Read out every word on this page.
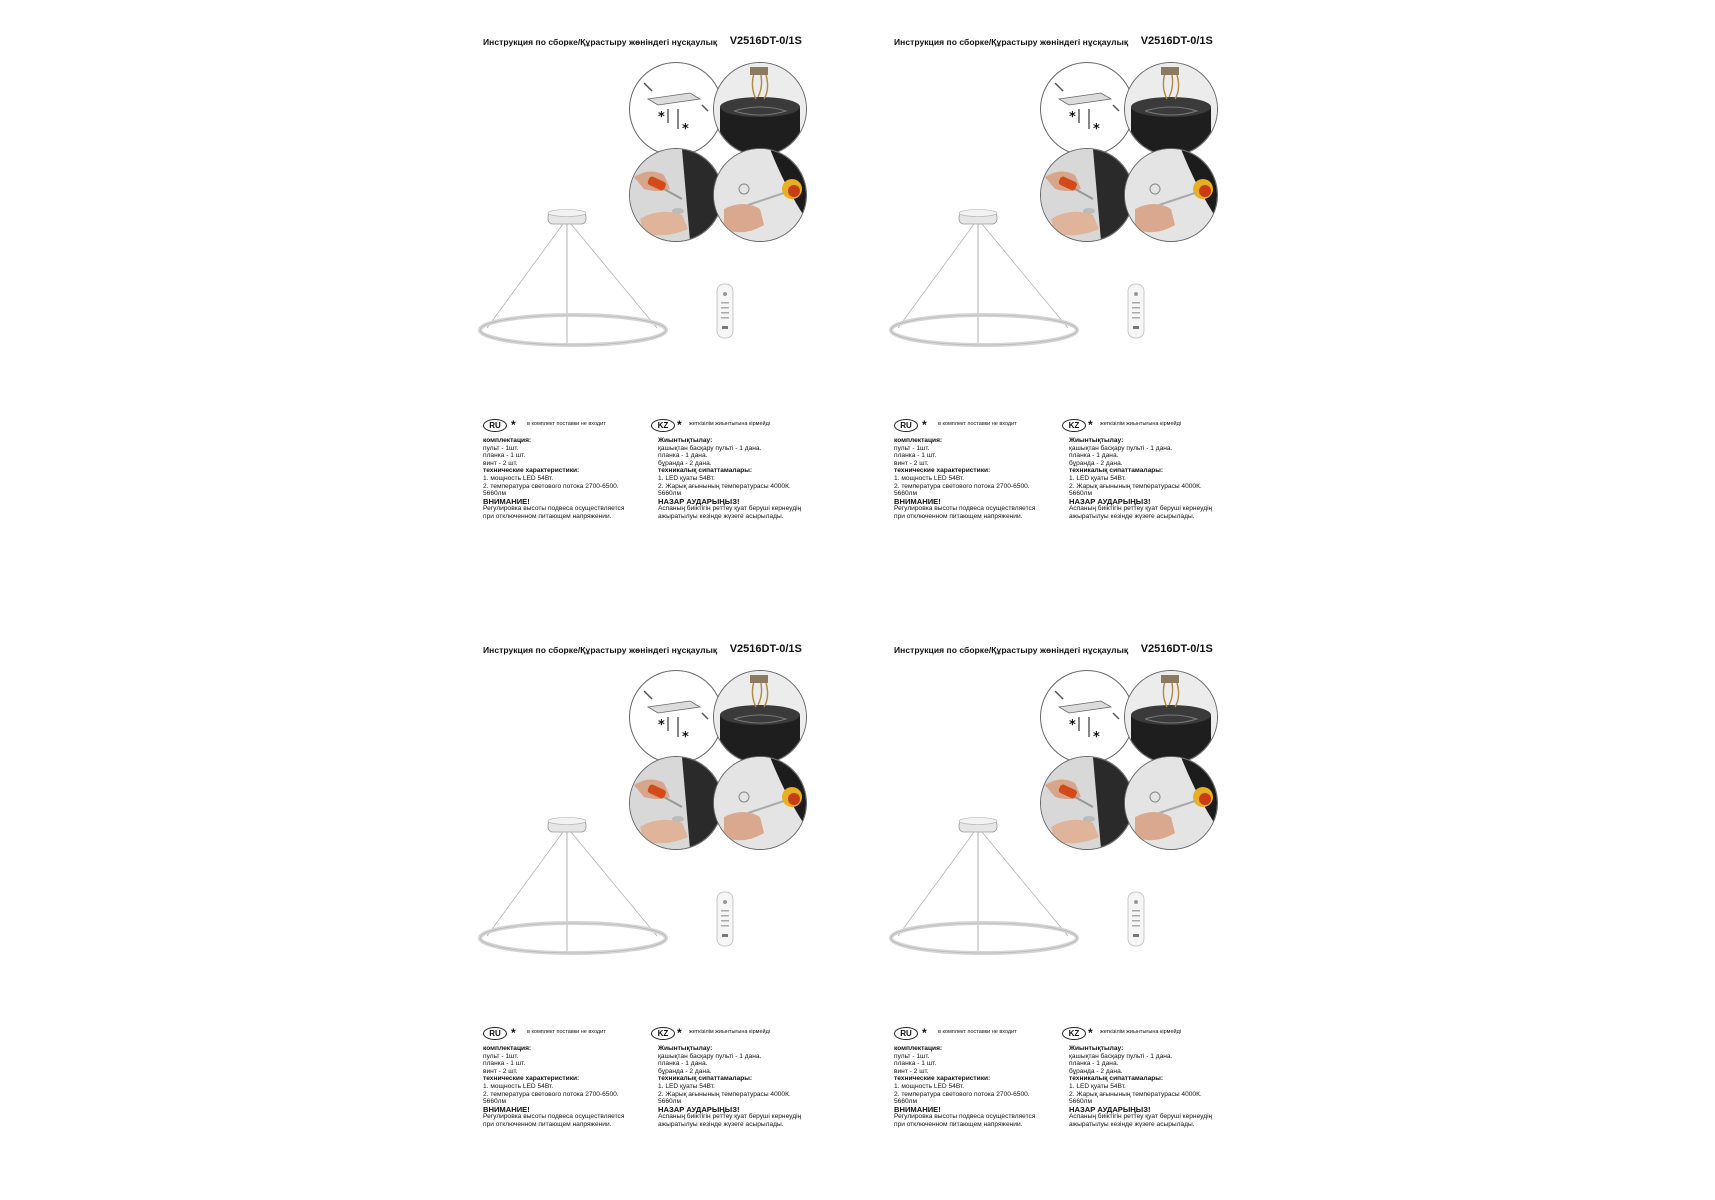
Инструкция по сборке/Құрастыру жөніндегі нұсқаулық V2516DT-0/1S
*
*
RU * в комплект поставки не входит	KZ * жеткізілім жиынтығына кірмейді
комплектация:
пульт - 1шт.
планка - 1 шт.
винт - 2 шт.
технические характеристики:
1. мощность LED 54Вт.
2. температура светового потока 2700-6500.
5660лм
ВНИМАНИЕ!
Регулировка высоты подвеса осуществляется
при отключенном питающем напряжении.
Жиынтықтылау:
қашықтан басқару пульті - 1 дана.
планка - 1 дана.
бұранда - 2 дана.
техникалық сипаттамалары:
1. LED қуаты 54Вт.
2. Жарық ағынының температурасы 4000К.
5660лм
НАЗАР АУДАРЫҢЫЗ!
Аспаның биіктігін реттеу қуат беруші кернеудің
ажыратылуы кезінде жүзеге асырылады.
Инструкция по сборке/Құрастыру жөніндегі нұсқаулық V2516DT-0/1S
*
*
RU * в комплект поставки не входит	KZ * жеткізілім жиынтығына кірмейді
комплектация:
пульт - 1шт.
планка - 1 шт.
винт - 2 шт.
технические характеристики:
1. мощность LED 54Вт.
2. температура светового потока 2700-6500.
5660лм
ВНИМАНИЕ!
Регулировка высоты подвеса осуществляется
при отключенном питающем напряжении.
Жиынтықтылау:
қашықтан басқару пульті - 1 дана.
планка - 1 дана.
бұранда - 2 дана.
техникалық сипаттамалары:
1. LED қуаты 54Вт.
2. Жарық ағынының температурасы 4000К.
5660лм
НАЗАР АУДАРЫҢЫЗ!
Аспаның биіктігін реттеу қуат беруші кернеудің
ажыратылуы кезінде жүзеге асырылады.
Инструкция по сборке/Құрастыру жөніндегі нұсқаулық V2516DT-0/1S
*
*
RU * в комплект поставки не входит	KZ * жеткізілім жиынтығына кірмейді
комплектация:
пульт - 1шт.
планка - 1 шт.
винт - 2 шт.
технические характеристики:
1. мощность LED 54Вт.
2. температура светового потока 2700-6500.
5660лм
ВНИМАНИЕ!
Регулировка высоты подвеса осуществляется
при отключенном питающем напряжении.
Жиынтықтылау:
қашықтан басқару пульті - 1 дана.
планка - 1 дана.
бұранда - 2 дана.
техникалық сипаттамалары:
1. LED қуаты 54Вт.
2. Жарық ағынының температурасы 4000К.
5660лм
НАЗАР АУДАРЫҢЫЗ!
Аспаның биіктігін реттеу қуат беруші кернеудің
ажыратылуы кезінде жүзеге асырылады.
Инструкция по сборке/Құрастыру жөніндегі нұсқаулық V2516DT-0/1S
*
*
RU * в комплект поставки не входит	KZ * жеткізілім жиынтығына кірмейді
комплектация:
пульт - 1шт.
планка - 1 шт.
винт - 2 шт.
технические характеристики:
1. мощность LED 54Вт.
2. температура светового потока 2700-6500.
5660лм
ВНИМАНИЕ!
Регулировка высоты подвеса осуществляется
при отключенном питающем напряжении.
Жиынтықтылау:
қашықтан басқару пульті - 1 дана.
планка - 1 дана.
бұранда - 2 дана.
техникалық сипаттамалары:
1. LED қуаты 54Вт.
2. Жарық ағынының температурасы 4000К.
5660лм
НАЗАР АУДАРЫҢЫЗ!
Аспаның биіктігін реттеу қуат беруші кернеудің
ажыратылуы кезінде жүзеге асырылады.
